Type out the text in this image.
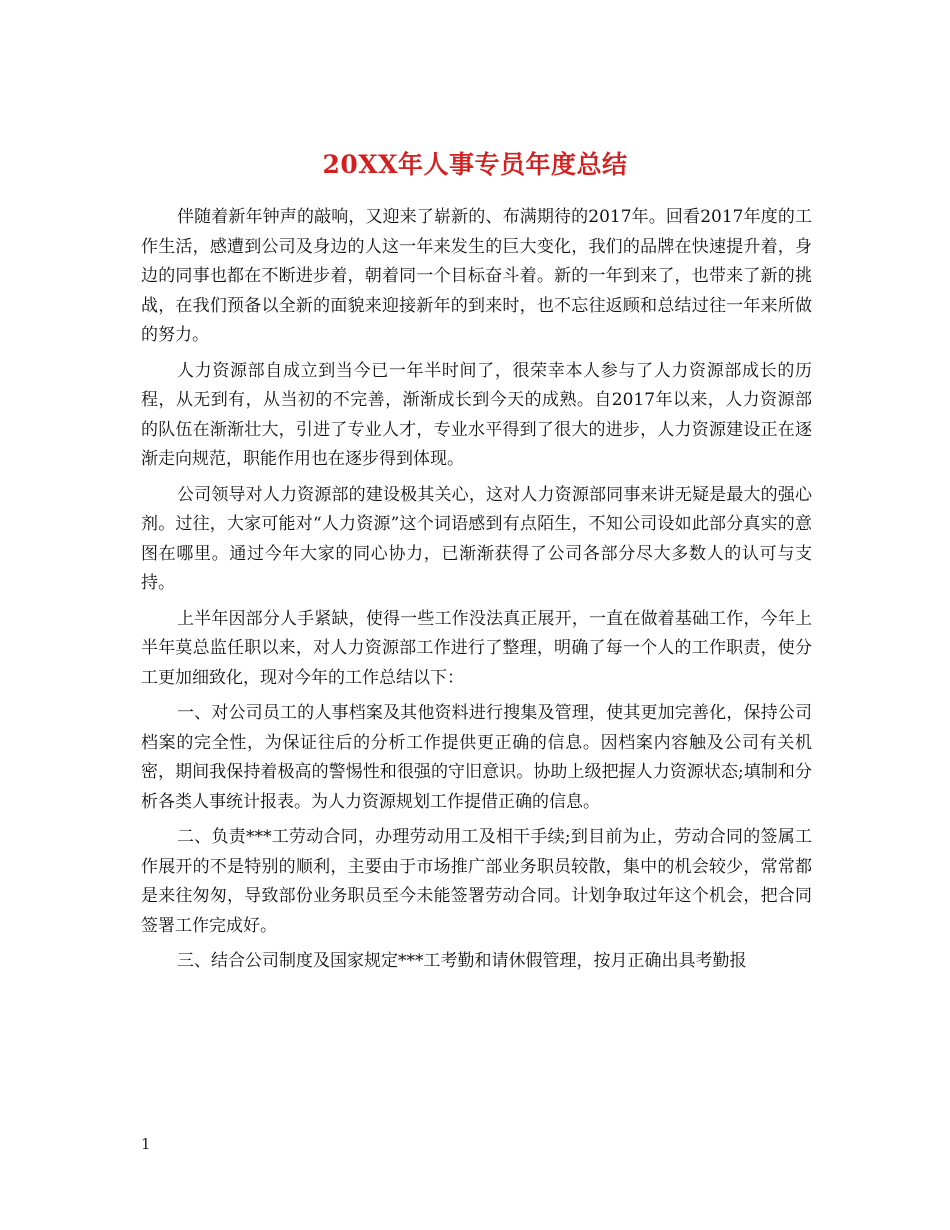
20XX年人事专员年度总结

伴随着新年钟声的敲响，又迎来了崭新的、布满期待的2017年。回看2017年度的工作生活，感遭到公司及身边的人这一年来发生的巨大变化，我们的品牌在快速提升着，身边的同事也都在不断进步着，朝着同一个目标奋斗着。新的一年到来了，也带来了新的挑战，在我们预备以全新的面貌来迎接新年的到来时，也不忘往返顾和总结过往一年来所做的努力。

人力资源部自成立到当今已一年半时间了，很荣幸本人参与了人力资源部成长的历程，从无到有，从当初的不完善，渐渐成长到今天的成熟。自2017年以来，人力资源部的队伍在渐渐壮大，引进了专业人才，专业水平得到了很大的进步，人力资源建设正在逐渐走向规范，职能作用也在逐步得到体现。

公司领导对人力资源部的建设极其关心，这对人力资源部同事来讲无疑是最大的强心剂。过往，大家可能对“人力资源”这个词语感到有点陌生，不知公司设如此部分真实的意图在哪里。通过今年大家的同心协力，已渐渐获得了公司各部分尽大多数人的认可与支持。

上半年因部分人手紧缺，使得一些工作没法真正展开，一直在做着基础工作，今年上半年莫总监任职以来，对人力资源部工作进行了整理，明确了每一个人的工作职责，使分工更加细致化，现对今年的工作总结以下：

一、对公司员工的人事档案及其他资料进行搜集及管理，使其更加完善化，保持公司档案的完全性，为保证往后的分析工作提供更正确的信息。因档案内容触及公司有关机密，期间我保持着极高的警惕性和很强的守旧意识。协助上级把握人力资源状态;填制和分析各类人事统计报表。为人力资源规划工作提借正确的信息。

二、负责***工劳动合同，办理劳动用工及相干手续;到目前为止，劳动合同的签属工作展开的不是特别的顺利，主要由于市场推广部业务职员较散，集中的机会较少，常常都是来往匆匆，导致部份业务职员至今未能签署劳动合同。计划争取过年这个机会，把合同签署工作完成好。

三、结合公司制度及国家规定***工考勤和请休假管理，按月正确出具考勤报

1
